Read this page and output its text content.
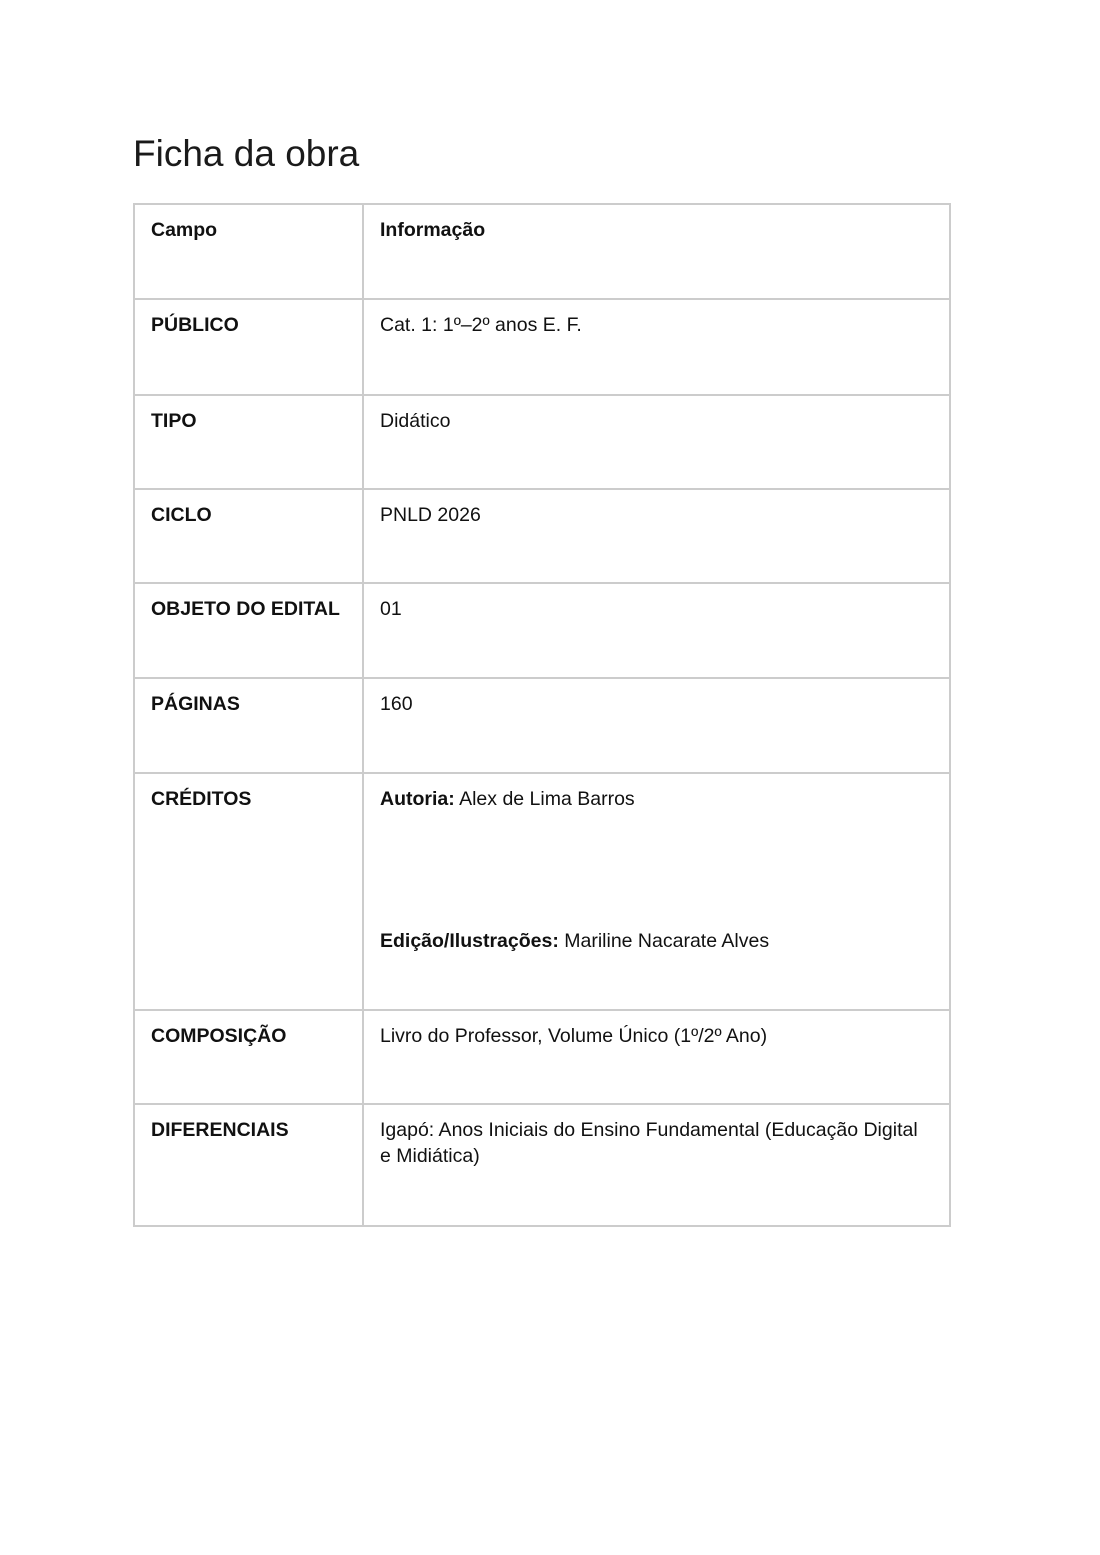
Ficha da obra
Campo	Informação
PÚBLICO	Cat. 1: 1º–2º anos E. F.
TIPO	Didático
CICLO	PNLD 2026
OBJETO DO EDITAL	01
PÁGINAS	160
CRÉDITOS	Autoria: Alex de Lima Barros
Edição/Ilustrações: Mariline Nacarate Alves

COMPOSIÇÃO	Livro do Professor, Volume Único (1º/2º Ano)
DIFERENCIAIS	Igapó: Anos Iniciais do Ensino Fundamental (Educação Digital e Midiática)
